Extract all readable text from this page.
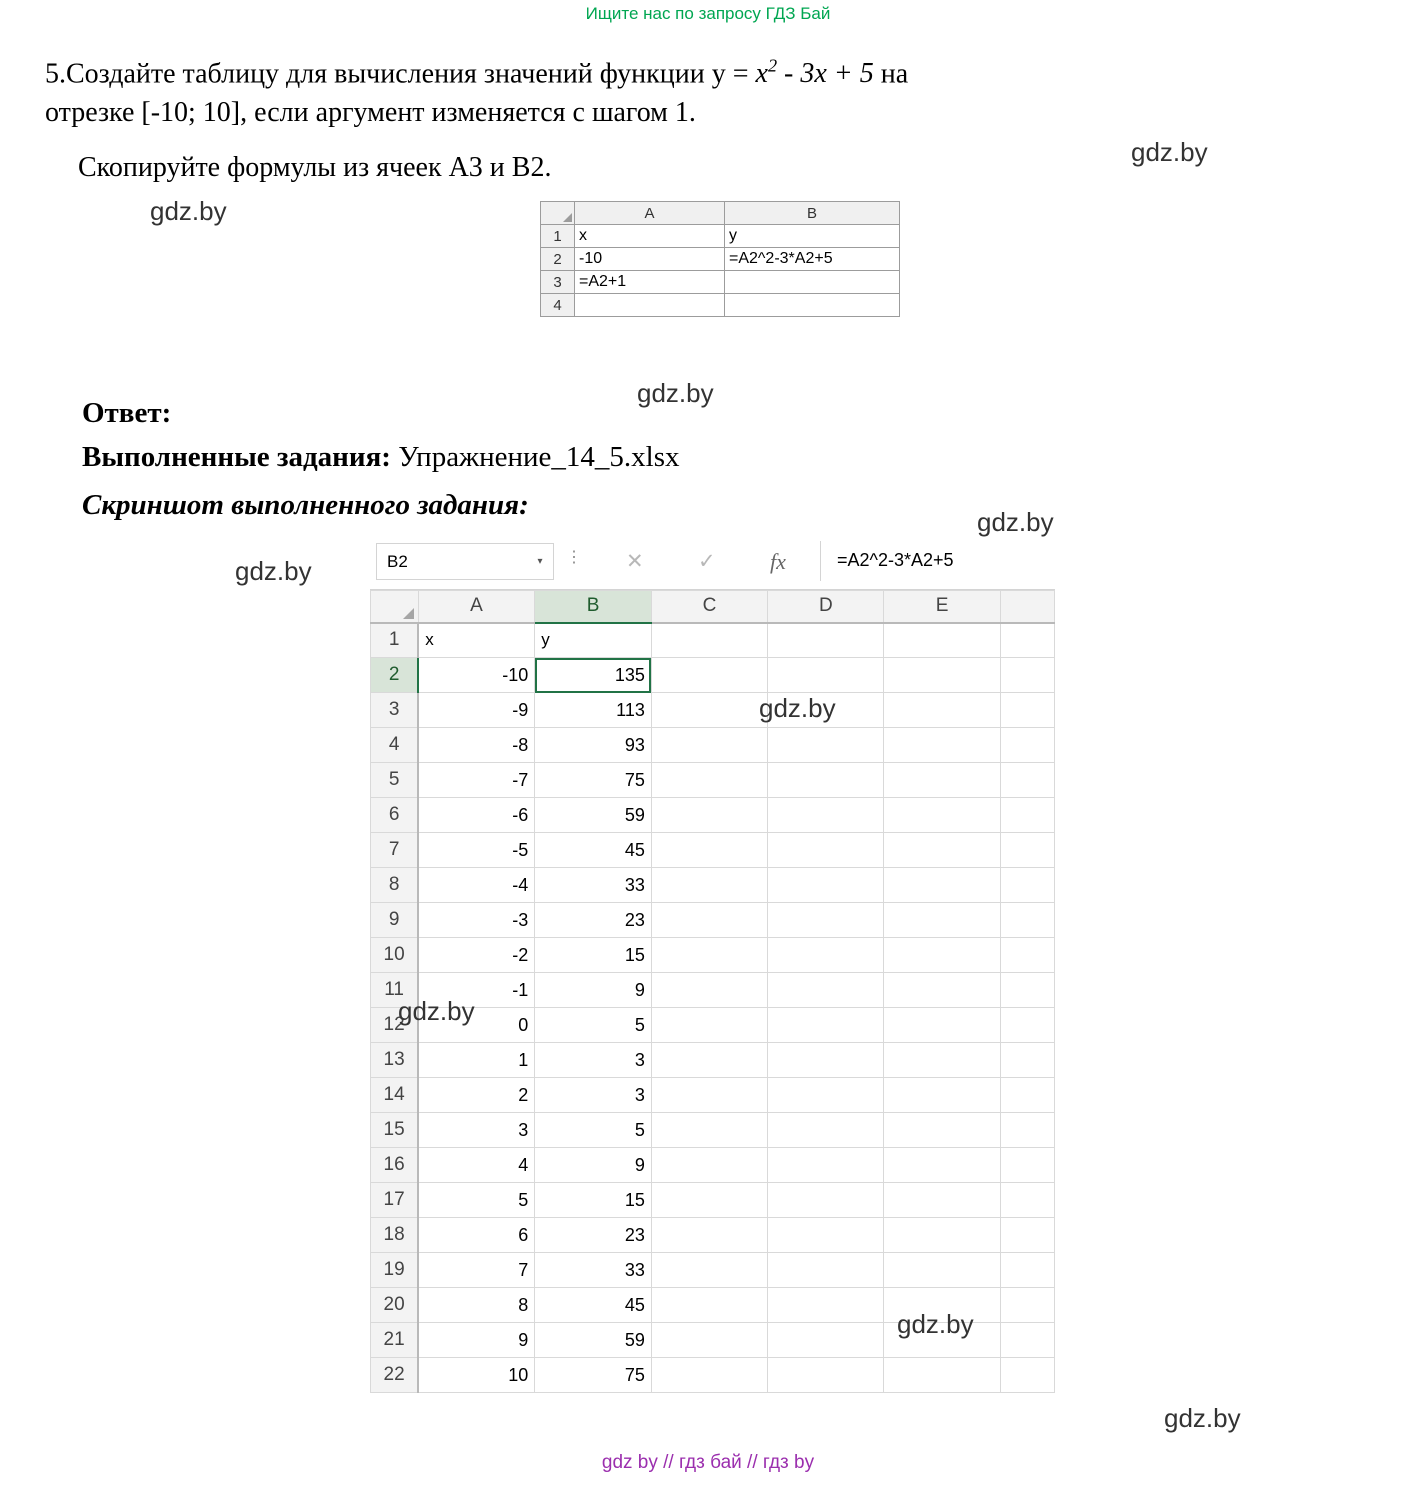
Ищите нас по запросу ГДЗ Бай
5.Создайте таблицу для вычисления значений функции $y = x^2 - 3x + 5$ на
отрезке [-10; 10], если аргумент изменяется с шагом 1.
Скопируйте формулы из ячеек A3 и B2.
	A	B
1	x	y
2	-10	=A2^2-3*A2+5
3	=A2+1	
4		
Ответ:
Выполненные задания: Упражнение_14_5.xlsx
Скриншот выполненного задания:
B2	▾	⋮ ✕	✓ fx	=A2^2-3*A2+5
	A	B	C	D	E	
1	x	y				
2	-10	135				
3	-9	113				
4	-8	93				
5	-7	75				
6	-6	59				
7	-5	45				
8	-4	33				
9	-3	23				
10	-2	15				
11	-1	9				
12	0	5				
13	1	3				
14	2	3				
15	3	5				
16	4	9				
17	5	15				
18	6	23				
19	7	33				
20	8	45				
21	9	59				
22	10	75				
gdz.by
gdz.by
gdz.by
gdz.by
gdz.by
gdz.by
gdz.by
gdz.by
gdz.by
gdz by // гдз бай // гдз by
